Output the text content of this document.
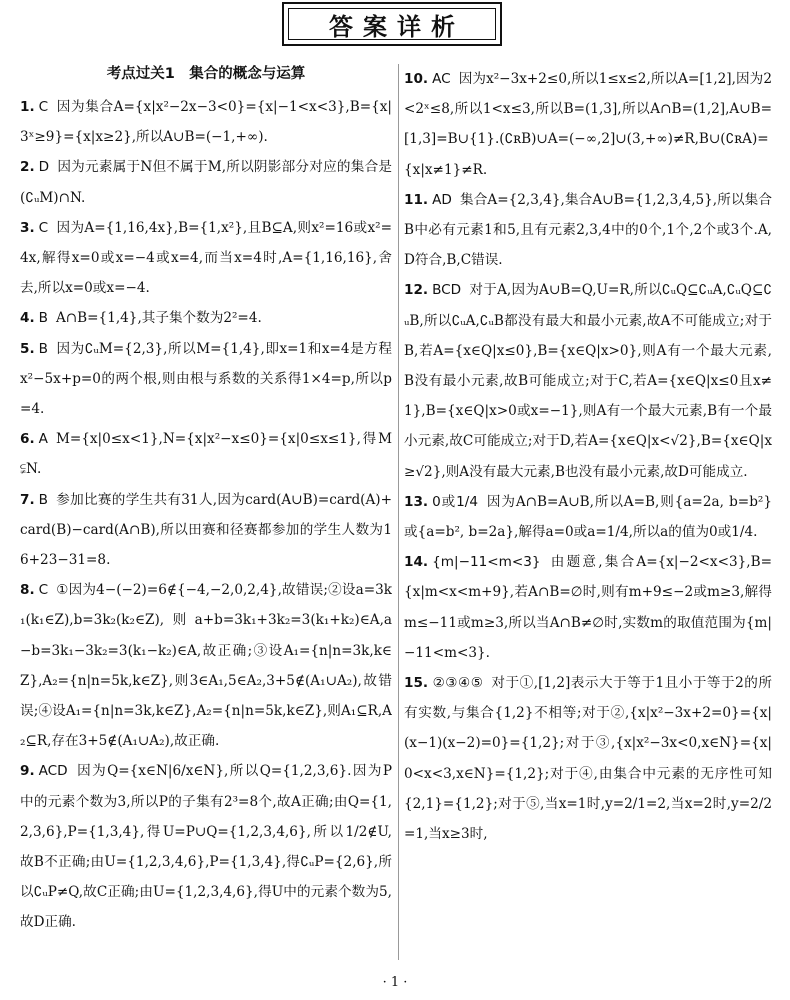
答案详析
考点过关1　集合的概念与运算

1. C 因为集合A={x|x²−2x−3<0}={x|−1<x<3},B={x|3ˣ≥9}={x|x≥2},所以A∪B=(−1,+∞).

2. D 因为元素属于N但不属于M,所以阴影部分对应的集合是(∁ᵤM)∩N.

3. C 因为A={1,16,4x},B={1,x²},且B⊆A,则x²=16或x²=4x,解得x=0或x=−4或x=4,而当x=4时,A={1,16,16},舍去,所以x=0或x=−4.

4. B A∩B={1,4},其子集个数为2²=4.

5. B 因为∁ᵤM={2,3},所以M={1,4},即x=1和x=4是方程x²−5x+p=0的两个根,则由根与系数的关系得1×4=p,所以p=4.

6. A M={x|0≤x<1},N={x|x²−x≤0}={x|0≤x≤1},得M⫋N.

7. B 参加比赛的学生共有31人,因为card(A∪B)=card(A)+card(B)−card(A∩B),所以田赛和径赛都参加的学生人数为16+23−31=8.

8. C ①因为4−(−2)=6∉{−4,−2,0,2,4},故错误;②设a=3k₁(k₁∈Z),b=3k₂(k₂∈Z),则a+b=3k₁+3k₂=3(k₁+k₂)∈A,a−b=3k₁−3k₂=3(k₁−k₂)∈A,故正确;③设A₁={n|n=3k,k∈Z},A₂={n|n=5k,k∈Z},则3∈A₁,5∈A₂,3+5∉(A₁∪A₂),故错误;④设A₁={n|n=3k,k∈Z},A₂={n|n=5k,k∈Z},则A₁⊆R,A₂⊆R,存在3+5∉(A₁∪A₂),故正确.

9. ACD 因为Q={x∈N|6/x∈N},所以Q={1,2,3,6}.因为P中的元素个数为3,所以P的子集有2³=8个,故A正确;由Q={1,2,3,6},P={1,3,4},得U=P∪Q={1,2,3,4,6},所以1/2∉U,故B不正确;由U={1,2,3,4,6},P={1,3,4},得∁ᵤP={2,6},所以∁ᵤP≠Q,故C正确;由U={1,2,3,4,6},得U中的元素个数为5,故D正确.

10. AC 因为x²−3x+2≤0,所以1≤x≤2,所以A=[1,2],因为2<2ˣ≤8,所以1<x≤3,所以B=(1,3],所以A∩B=(1,2],A∪B=[1,3]=B∪{1}.(∁ʀB)∪A=(−∞,2]∪(3,+∞)≠R,B∪(∁ʀA)={x|x≠1}≠R.

11. AD 集合A={2,3,4},集合A∪B={1,2,3,4,5},所以集合B中必有元素1和5,且有元素2,3,4中的0个,1个,2个或3个.A,D符合,B,C错误.

12. BCD 对于A,因为A∪B=Q,U=R,所以∁ᵤQ⊆∁ᵤA,∁ᵤQ⊆∁ᵤB,所以∁ᵤA,∁ᵤB都没有最大和最小元素,故A不可能成立;对于B,若A={x∈Q|x≤0},B={x∈Q|x>0},则A有一个最大元素,B没有最小元素,故B可能成立;对于C,若A={x∈Q|x≤0且x≠1},B={x∈Q|x>0或x=−1},则A有一个最大元素,B有一个最小元素,故C可能成立;对于D,若A={x∈Q|x<√2},B={x∈Q|x≥√2},则A没有最大元素,B也没有最小元素,故D可能成立.

13. 0或1/4 因为A∩B=A∪B,所以A=B,则{a=2a, b=b²}或{a=b², b=2a},解得a=0或a=1/4,所以a的值为0或1/4.

14. {m|−11<m<3} 由题意,集合A={x|−2<x<3},B={x|m<x<m+9},若A∩B=∅时,则有m+9≤−2或m≥3,解得m≤−11或m≥3,所以当A∩B≠∅时,实数m的取值范围为{m|−11<m<3}.

15. ②③④⑤ 对于①,[1,2]表示大于等于1且小于等于2的所有实数,与集合{1,2}不相等;对于②,{x|x²−3x+2=0}={x|(x−1)(x−2)=0}={1,2};对于③,{x|x²−3x<0,x∈N}={x|0<x<3,x∈N}={1,2};对于④,由集合中元素的无序性可知{2,1}={1,2};对于⑤,当x=1时,y=2/1=2,当x=2时,y=2/2=1,当x≥3时,

· 1 ·
